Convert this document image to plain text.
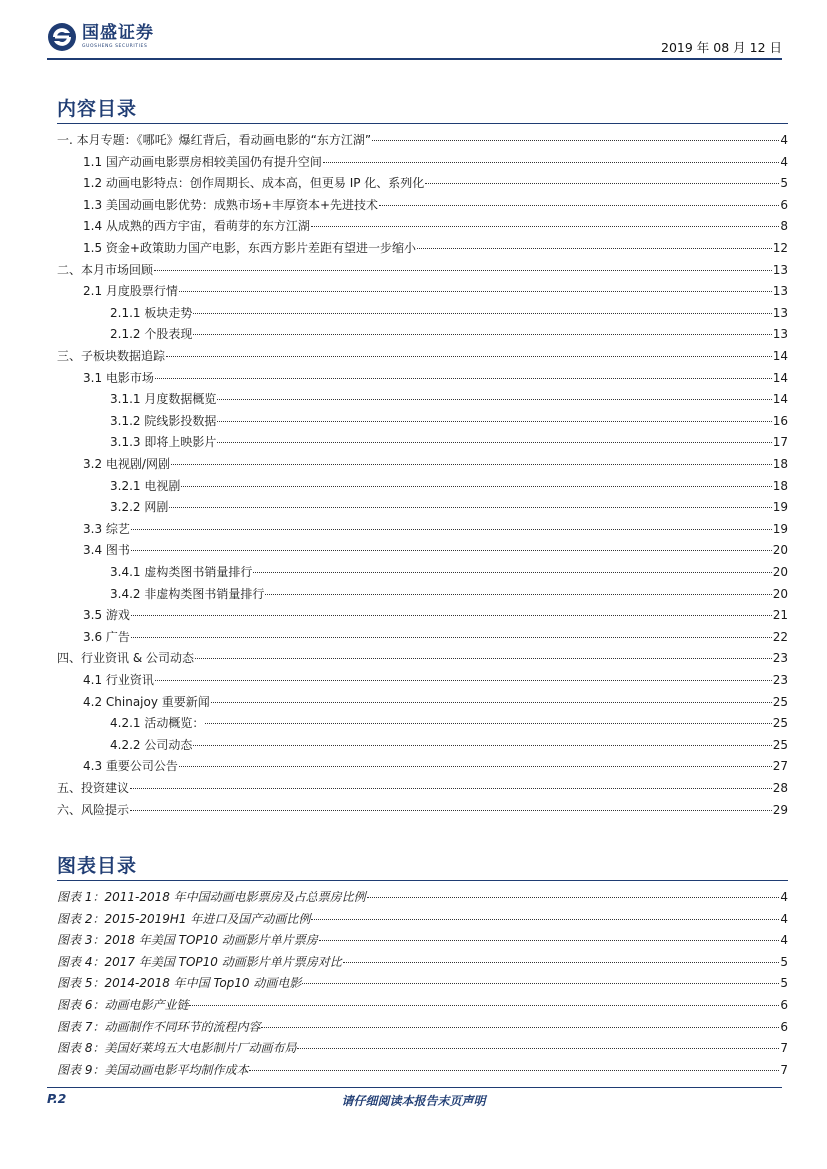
国盛证券
GUOSHENG SECURITIES	2019 年 08 月 12 日
内容目录
一. 本月专题：《哪吒》爆红背后，看动画电影的“东方江湖”	4
1.1 国产动画电影票房相较美国仍有提升空间	4
1.2 动画电影特点：创作周期长、成本高，但更易 IP 化、系列化	5
1.3 美国动画电影优势：成熟市场+丰厚资本+先进技术	6
1.4 从成熟的西方宇宙，看萌芽的东方江湖	8
1.5 资金+政策助力国产电影，东西方影片差距有望进一步缩小	12
二、本月市场回顾	13
2.1 月度股票行情	13
2.1.1 板块走势	13
2.1.2 个股表现	13
三、子板块数据追踪	14
3.1 电影市场	14
3.1.1 月度数据概览	14
3.1.2 院线影投数据	16
3.1.3 即将上映影片	17
3.2 电视剧/网剧	18
3.2.1 电视剧	18
3.2.2 网剧	19
3.3 综艺	19
3.4 图书	20
3.4.1 虚构类图书销量排行	20
3.4.2 非虚构类图书销量排行	20
3.5 游戏	21
3.6 广告	22
四、行业资讯 & 公司动态	23
4.1 行业资讯	23
4.2 Chinajoy 重要新闻	25
4.2.1 活动概览：	25
4.2.2 公司动态	25
4.3 重要公司公告	27
五、投资建议	28
六、风险提示	29
图表目录
图表 1：2011-2018 年中国动画电影票房及占总票房比例	4
图表 2：2015-2019H1 年进口及国产动画比例	4
图表 3：2018 年美国 TOP10 动画影片单片票房	4
图表 4：2017 年美国 TOP10 动画影片单片票房对比	5
图表 5：2014-2018 年中国 Top10 动画电影	5
图表 6：动画电影产业链	6
图表 7：动画制作不同环节的流程内容	6
图表 8：美国好莱坞五大电影制片厂动画布局	7
图表 9：美国动画电影平均制作成本	7
P.2	请仔细阅读本报告末页声明
